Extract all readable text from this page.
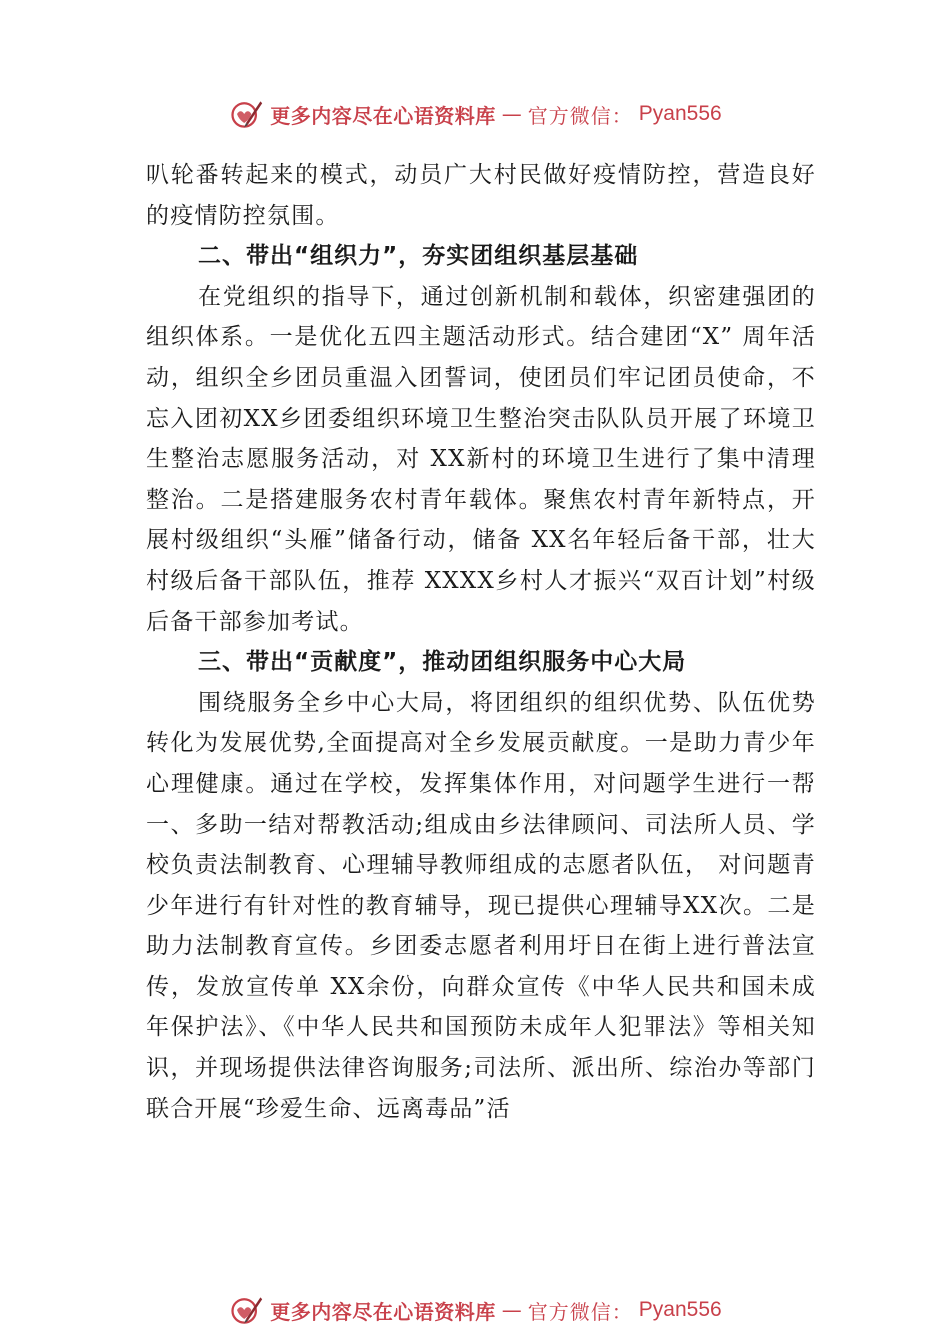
更多内容尽在心语资料库 — 官方微信： Pyan556

叭轮番转起来的模式，动员广大村民做好疫情防控，营造良好的疫情防控氛围。

二、带出“组织力”，夯实团组织基层基础

在党组织的指导下，通过创新机制和载体，织密建强团的组织体系。一是优化五四主题活动形式。结合建团“X” 周年活动，组织全乡团员重温入团誓词，使团员们牢记团员使命，不忘入团初XX乡团委组织环境卫生整治突击队队员开展了环境卫生整治志愿服务活动，对 XX新村的环境卫生进行了集中清理整治。二是搭建服务农村青年载体。聚焦农村青年新特点，开展村级组织“头雁”储备行动，储备 XX名年轻后备干部，壮大村级后备干部队伍，推荐 XXXX乡村人才振兴“双百计划”村级后备干部参加考试。

三、带出“贡献度”，推动团组织服务中心大局

围绕服务全乡中心大局，将团组织的组织优势、队伍优势转化为发展优势,全面提高对全乡发展贡献度。一是助力青少年心理健康。通过在学校，发挥集体作用，对问题学生进行一帮一、多助一结对帮教活动;组成由乡法律顾问、司法所人员、学校负责法制教育、心理辅导教师组成的志愿者队伍， 对问题青少年进行有针对性的教育辅导，现已提供心理辅导XX次。二是助力法制教育宣传。乡团委志愿者利用圩日在街上进行普法宣传，发放宣传单 XX余份，向群众宣传《中华人民共和国未成年保护法》、《中华人民共和国预防未成年人犯罪法》等相关知识，并现场提供法律咨询服务;司法所、派出所、综治办等部门联合开展“珍爱生命、远离毒品”活

更多内容尽在心语资料库 — 官方微信： Pyan556
